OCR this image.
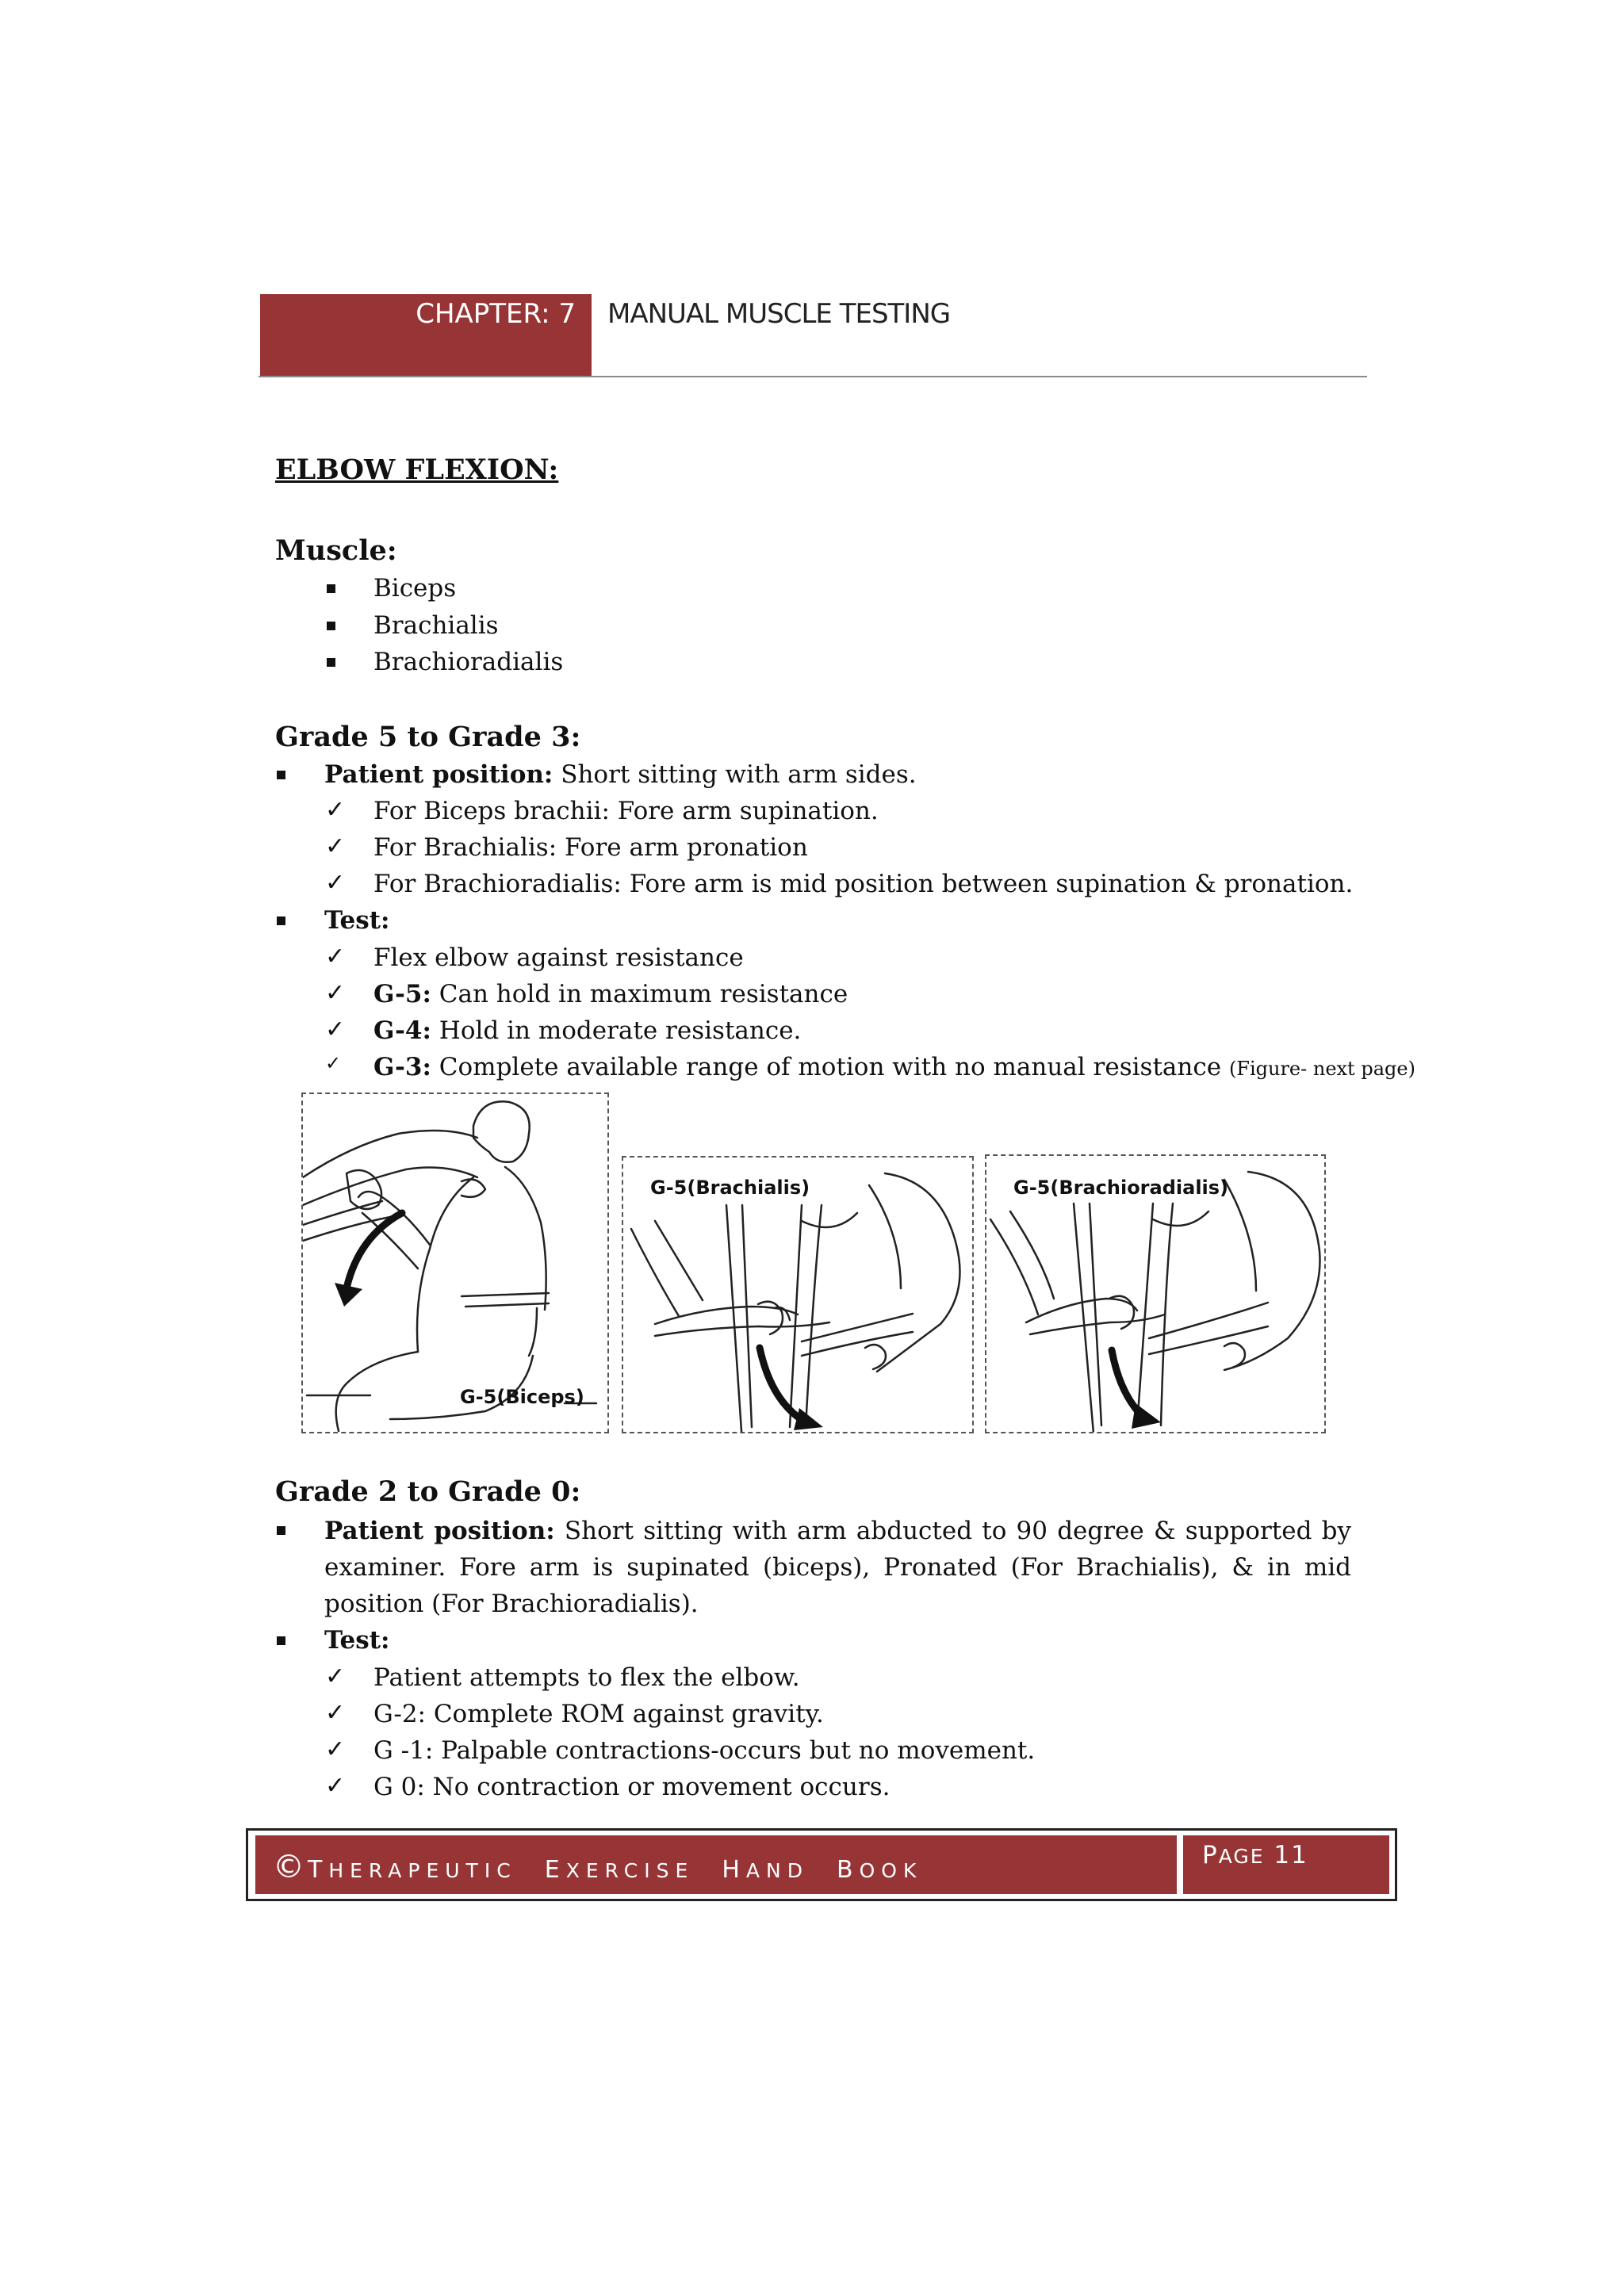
CHAPTER: 7 MANUAL MUSCLE TESTING
ELBOW FLEXION:
Muscle:
Biceps
Brachialis
Brachioradialis
Grade 5 to Grade 3:
Patient position: Short sitting with arm sides.
✓ For Biceps brachii: Fore arm supination.
✓ For Brachialis: Fore arm pronation
✓ For Brachioradialis: Fore arm is mid position between supination & pronation.
Test:
✓ Flex elbow against resistance
✓ G-5: Can hold in maximum resistance
✓ G-4: Hold in moderate resistance.
✓ G-3: Complete available range of motion with no manual resistance (Figure- next page)
G-5(Biceps)
G-5(Brachialis)	G-5(Brachioradialis)
Grade 2 to Grade 0:
Patient position: Short sitting with arm abducted to 90 degree & supported by examiner. Fore arm is supinated (biceps), Pronated (For Brachialis), & in mid position (For Brachioradialis).
Test:
✓ Patient attempts to flex the elbow.
✓ G-2: Complete ROM against gravity.
✓ G -1: Palpable contractions-occurs but no movement.
✓ G 0: No contraction or movement occurs.
©THERAPEUTIC EXERCISE HAND BOOK
PAGE 11
